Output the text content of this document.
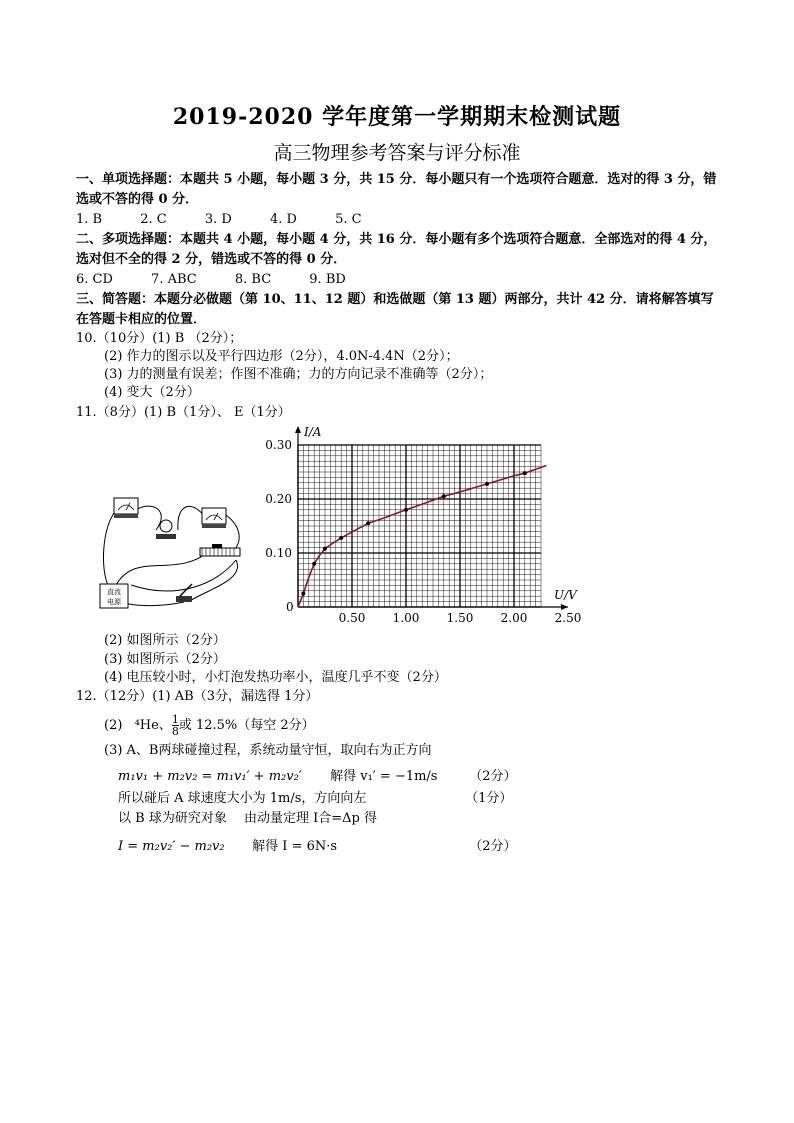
2019-2020 学年度第一学期期末检测试题
高三物理参考答案与评分标准
一、单项选择题：本题共 5 小题，每小题 3 分，共 15 分．每小题只有一个选项符合题意．选对的得 3 分，错选或不答的得 0 分．
1. B	2. C	3. D	4. D	5. C
二、多项选择题：本题共 4 小题，每小题 4 分，共 16 分．每小题有多个选项符合题意．全部选对的得 4 分，选对但不全的得 2 分，错选或不答的得 0 分．
6. CD	7. ABC	8. BC	9. BD
三、简答题：本题分必做题（第 10、11、12 题）和选做题（第 13 题）两部分，共计 42 分．请将解答填写在答题卡相应的位置．
10.（10分）(1) B （2分）；
(2) 作力的图示以及平行四边形（2分），4.0N-4.4N（2分）；
(3) 力的测量有误差；作图不准确；力的方向记录不准确等（2分）；
(4) 变大（2分）
11.（8分）(1) B（1分）、 E（1分）
直流
电源
0.50 1.00 1.50 2.00 2.50
0.10
0.20
0.30
0
I/A
U/V
(2) 如图所示（2分）
(3) 如图所示（2分）
(4) 电压较小时，小灯泡发热功率小，温度几乎不变（2分）
12.（12分）(1) AB（3分，漏选得 1分）
(2) ⁴He、 $\frac{1}{8}$ 或 12.5%（每空 2分）
(3) A、B两球碰撞过程，系统动量守恒，取向右为正方向
m₁v₁ + m₂v₂ = m₁v₁′ + m₂v₂′ 解得 v₁′ = −1m/s （2分）
所以碰后 A 球速度大小为 1m/s，方向向左	（1分）
以 B 球为研究对象　 由动量定理 I合=Δp 得
I = m₂v₂′ − m₂v₂ 解得 I = 6N·s	（2分）
